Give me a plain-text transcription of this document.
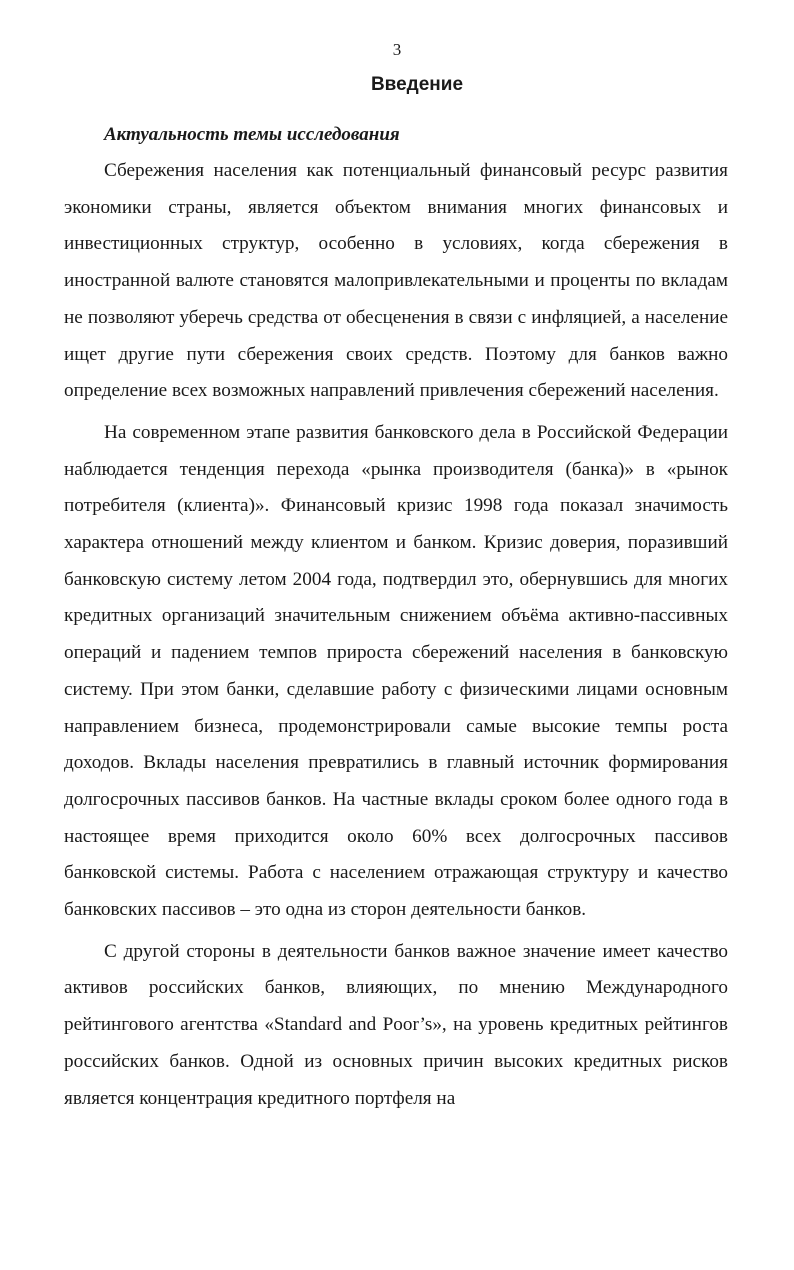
3
Введение
Актуальность темы исследования

Сбережения населения как потенциальный финансовый ресурс развития экономики страны, является объектом внимания многих финансовых и инвестиционных структур, особенно в условиях, когда сбережения в иностранной валюте становятся малопривлекательными и проценты по вкладам не позволяют уберечь средства от обесценения в связи с инфляцией, а население ищет другие пути сбережения своих средств. Поэтому для банков важно определение всех возможных направлений привлечения сбережений населения.

На современном этапе развития банковского дела в Российской Федерации наблюдается тенденция перехода «рынка производителя (банка)» в «рынок потребителя (клиента)». Финансовый кризис 1998 года показал значимость характера отношений между клиентом и банком. Кризис доверия, поразивший банковскую систему летом 2004 года, подтвердил это, обернувшись для многих кредитных организаций значительным снижением объёма активно-пассивных операций и падением темпов прироста сбережений населения в банковскую систему. При этом банки, сделавшие работу с физическими лицами основным направлением бизнеса, продемонстрировали самые высокие темпы роста доходов. Вклады населения превратились в главный источник формирования долгосрочных пассивов банков. На частные вклады сроком более одного года в настоящее время приходится около 60% всех долгосрочных пассивов банковской системы. Работа с населением отражающая структуру и качество банковских пассивов – это одна из сторон деятельности банков.

С другой стороны в деятельности банков важное значение имеет качество активов российских банков, влияющих, по мнению Международного рейтингового агентства «Standard and Poor’s», на уровень кредитных рейтингов российских банков. Одной из основных причин высоких кредитных рисков является концентрация кредитного портфеля на
